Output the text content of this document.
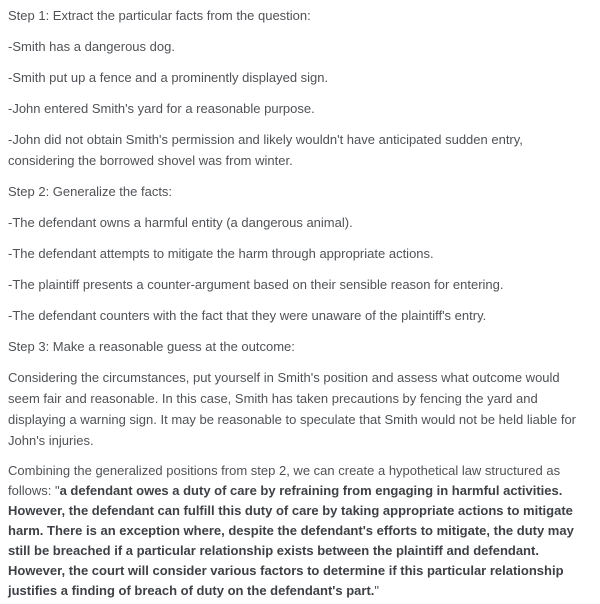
Step 1: Extract the particular facts from the question:

-Smith has a dangerous dog.

-Smith put up a fence and a prominently displayed sign.

-John entered Smith's yard for a reasonable purpose.

-John did not obtain Smith's permission and likely wouldn't have anticipated sudden entry, considering the borrowed shovel was from winter.

Step 2: Generalize the facts:

-The defendant owns a harmful entity (a dangerous animal).

-The defendant attempts to mitigate the harm through appropriate actions.

-The plaintiff presents a counter-argument based on their sensible reason for entering.

-The defendant counters with the fact that they were unaware of the plaintiff's entry.

Step 3: Make a reasonable guess at the outcome:

Considering the circumstances, put yourself in Smith's position and assess what outcome would seem fair and reasonable. In this case, Smith has taken precautions by fencing the yard and displaying a warning sign. It may be reasonable to speculate that Smith would not be held liable for John's injuries.

Combining the generalized positions from step 2, we can create a hypothetical law structured as follows: "a defendant owes a duty of care by refraining from engaging in harmful activities. However, the defendant can fulfill this duty of care by taking appropriate actions to mitigate harm. There is an exception where, despite the defendant's efforts to mitigate, the duty may still be breached if a particular relationship exists between the plaintiff and defendant. However, the court will consider various factors to determine if this particular relationship justifies a finding of breach of duty on the defendant's part."
